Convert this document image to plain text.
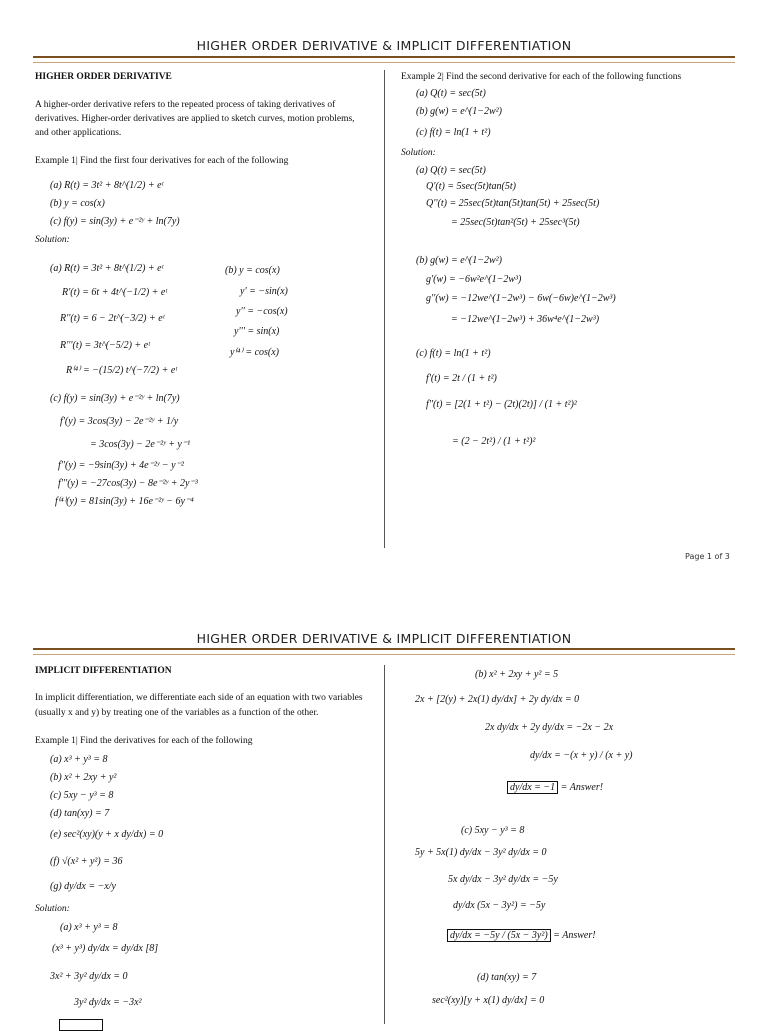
HIGHER ORDER DERIVATIVE & IMPLICIT DIFFERENTIATION
HIGHER ORDER DERIVATIVE
A higher-order derivative refers to the repeated process of taking derivatives of
derivatives. Higher-order derivatives are applied to sketch curves, motion problems,
and other applications.
Example 1| Find the first four derivatives for each of the following
(a) R(t) = 3t² + 8t^(1/2) + eᵗ
(b) y = cos(x)
(c) f(y) = sin(3y) + e⁻²ʸ + ln(7y)
Solution:
(a) R(t) = 3t² + 8t^(1/2) + eᵗ
R'(t) = 6t + 4t^(−1/2) + eᵗ
R''(t) = 6 − 2t^(−3/2) + eᵗ
R'''(t) = 3t^(−5/2) + eᵗ
R⁽⁴⁾ = −(15/2) t^(−7/2) + eᵗ
(b) y = cos(x)
y' = −sin(x)
y'' = −cos(x)
y''' = sin(x)
y⁽⁴⁾ = cos(x)
(c) f(y) = sin(3y) + e⁻²ʸ + ln(7y)
f'(y) = 3cos(3y) − 2e⁻²ʸ + 1/y
= 3cos(3y) − 2e⁻²ʸ + y⁻¹
f''(y) = −9sin(3y) + 4e⁻²ʸ − y⁻²
f'''(y) = −27cos(3y) − 8e⁻²ʸ + 2y⁻³
f⁽⁴⁾(y) = 81sin(3y) + 16e⁻²ʸ − 6y⁻⁴
Example 2| Find the second derivative for each of the following functions
(a) Q(t) = sec(5t)
(b) g(w) = e^(1−2w²)
(c) f(t) = ln(1 + t²)
Solution:
(a) Q(t) = sec(5t)
Q'(t) = 5sec(5t)tan(5t)
Q''(t) = 25sec(5t)tan(5t)tan(5t) + 25sec(5t)
= 25sec(5t)tan²(5t) + 25sec³(5t)
(b) g(w) = e^(1−2w²)
g'(w) = −6w²e^(1−2w³)
g''(w) = −12we^(1−2w³) − 6w(−6w)e^(1−2w³)
= −12we^(1−2w³) + 36w⁴e^(1−2w³)
(c) f(t) = ln(1 + t²)
f'(t) = 2t / (1 + t²)
f''(t) = [2(1 + t²) − (2t)(2t)] / (1 + t²)²
= (2 − 2t²) / (1 + t²)²
Page 1 of 3
HIGHER ORDER DERIVATIVE & IMPLICIT DIFFERENTIATION
IMPLICIT DIFFERENTIATION
In implicit differentiation, we differentiate each side of an equation with two variables
(usually x and y) by treating one of the variables as a function of the other.
Example 1| Find the derivatives for each of the following
(a) x³ + y³ = 8
(b) x² + 2xy + y²
(c) 5xy − y³ = 8
(d) tan(xy) = 7
(e) sec²(xy)(y + x dy/dx) = 0
(f) √(x² + y²) = 36
(g) dy/dx = −x/y
Solution:
(a) x³ + y³ = 8
(x³ + y³) dy/dx = dy/dx [8]
3x² + 3y² dy/dx = 0
3y² dy/dx = −3x²
(b) x² + 2xy + y² = 5
2x + [2(y) + 2x(1) dy/dx] + 2y dy/dx = 0
2x dy/dx + 2y dy/dx = −2x − 2x
dy/dx = −(x + y) / (x + y)
dy/dx = −1 = Answer!
(c) 5xy − y³ = 8
5y + 5x(1) dy/dx − 3y² dy/dx = 0
5x dy/dx − 3y² dy/dx = −5y
dy/dx (5x − 3y²) = −5y
dy/dx = −5y / (5x − 3y²) = Answer!
(d) tan(xy) = 7
sec²(xy)[y + x(1) dy/dx] = 0
